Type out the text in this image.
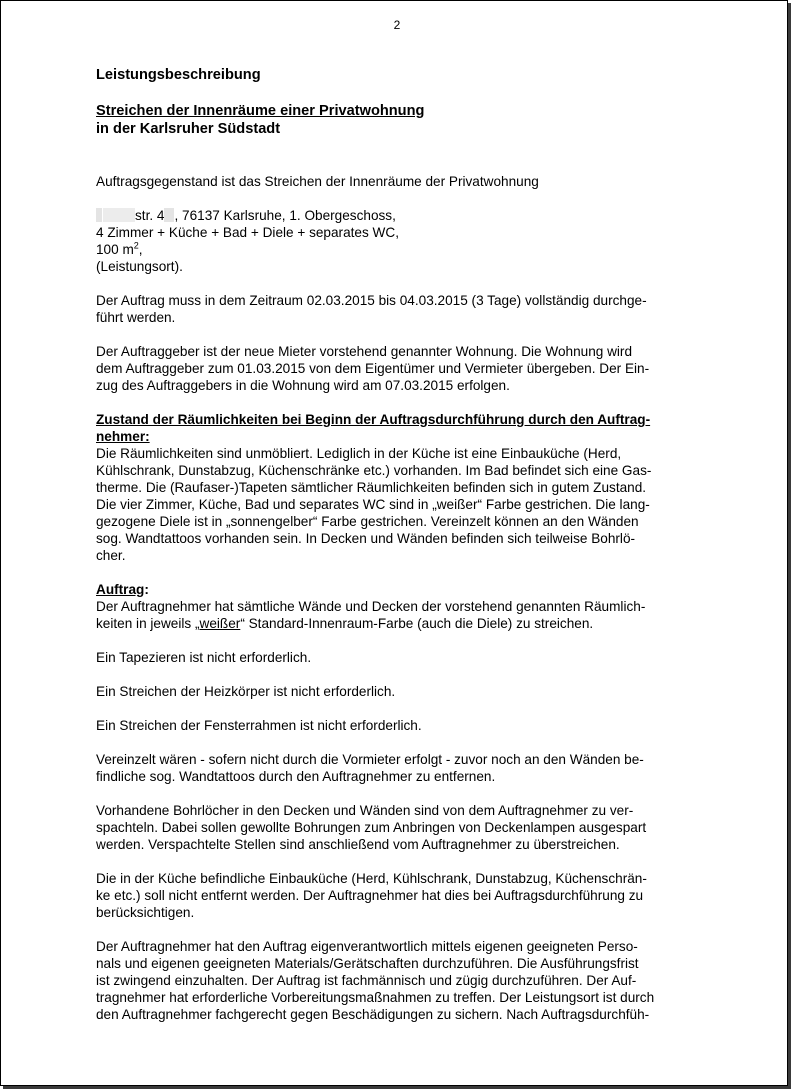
2

Leistungsbeschreibung

Streichen der Innenräume einer Privatwohnung
in der Karlsruher Südstadt

Auftragsgegenstand ist das Streichen der Innenräume der Privatwohnung

str. 4 , 76137 Karlsruhe, 1. Obergeschoss,

4 Zimmer + Küche + Bad + Diele + separates WC,

100 $m^2$,

(Leistungsort).

Der Auftrag muss in dem Zeitraum 02.03.2015 bis 04.03.2015 (3 Tage) vollständig durchge-

führt werden.

Der Auftraggeber ist der neue Mieter vorstehend genannter Wohnung. Die Wohnung wird

dem Auftraggeber zum 01.03.2015 von dem Eigentümer und Vermieter übergeben. Der Ein-

zug des Auftraggebers in die Wohnung wird am 07.03.2015 erfolgen.

Zustand der Räumlichkeiten bei Beginn der Auftragsdurchführung durch den Auftrag-

nehmer:

Die Räumlichkeiten sind unmöbliert. Lediglich in der Küche ist eine Einbauküche (Herd,

Kühlschrank, Dunstabzug, Küchenschränke etc.) vorhanden. Im Bad befindet sich eine Gas-

therme. Die (Raufaser-)Tapeten sämtlicher Räumlichkeiten befinden sich in gutem Zustand.

Die vier Zimmer, Küche, Bad und separates WC sind in „weißer“ Farbe gestrichen. Die lang-

gezogene Diele ist in „sonnengelber“ Farbe gestrichen. Vereinzelt können an den Wänden

sog. Wandtattoos vorhanden sein. In Decken und Wänden befinden sich teilweise Bohrlö-

cher.

Auftrag:

Der Auftragnehmer hat sämtliche Wände und Decken der vorstehend genannten Räumlich-

keiten in jeweils „weißer“ Standard-Innenraum-Farbe (auch die Diele) zu streichen.

Ein Tapezieren ist nicht erforderlich.

Ein Streichen der Heizkörper ist nicht erforderlich.

Ein Streichen der Fensterrahmen ist nicht erforderlich.

Vereinzelt wären - sofern nicht durch die Vormieter erfolgt - zuvor noch an den Wänden be-

findliche sog. Wandtattoos durch den Auftragnehmer zu entfernen.

Vorhandene Bohrlöcher in den Decken und Wänden sind von dem Auftragnehmer zu ver-

spachteln. Dabei sollen gewollte Bohrungen zum Anbringen von Deckenlampen ausgespart

werden. Verspachtelte Stellen sind anschließend vom Auftragnehmer zu überstreichen.

Die in der Küche befindliche Einbauküche (Herd, Kühlschrank, Dunstabzug, Küchenschrän-

ke etc.) soll nicht entfernt werden. Der Auftragnehmer hat dies bei Auftragsdurchführung zu

berücksichtigen.

Der Auftragnehmer hat den Auftrag eigenverantwortlich mittels eigenen geeigneten Perso-

nals und eigenen geeigneten Materials/Gerätschaften durchzuführen. Die Ausführungsfrist

ist zwingend einzuhalten. Der Auftrag ist fachmännisch und zügig durchzuführen. Der Auf-

tragnehmer hat erforderliche Vorbereitungsmaßnahmen zu treffen. Der Leistungsort ist durch

den Auftragnehmer fachgerecht gegen Beschädigungen zu sichern. Nach Auftragsdurchfüh-
